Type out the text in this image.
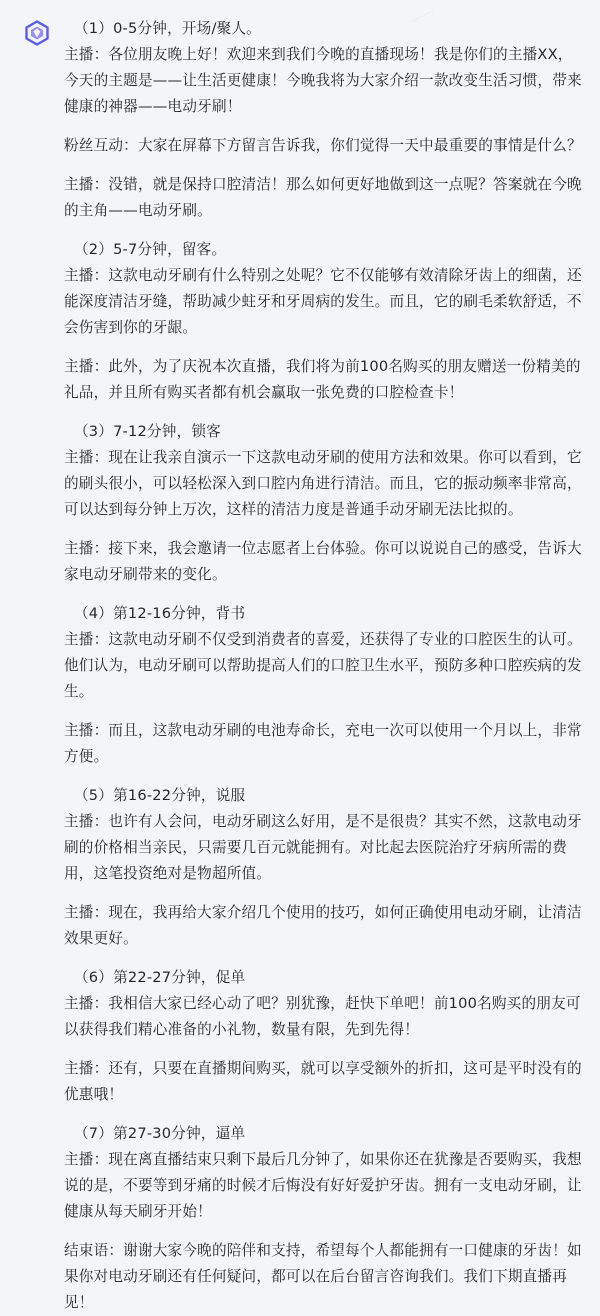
（1）0-5分钟，开场/聚人。
主播：各位朋友晚上好！欢迎来到我们今晚的直播现场！我是你们的主播XX，今天的主题是——让生活更健康！今晚我将为大家介绍一款改变生活习惯，带来健康的神器——电动牙刷！
粉丝互动：大家在屏幕下方留言告诉我，你们觉得一天中最重要的事情是什么？
主播：没错，就是保持口腔清洁！那么如何更好地做到这一点呢？答案就在今晚的主角——电动牙刷。
（2）5-7分钟，留客。
主播：这款电动牙刷有什么特别之处呢？它不仅能够有效清除牙齿上的细菌，还能深度清洁牙缝，帮助减少蛀牙和牙周病的发生。而且，它的刷毛柔软舒适，不会伤害到你的牙龈。
主播：此外，为了庆祝本次直播，我们将为前100名购买的朋友赠送一份精美的礼品，并且所有购买者都有机会赢取一张免费的口腔检查卡！
（3）7-12分钟，锁客
主播：现在让我亲自演示一下这款电动牙刷的使用方法和效果。你可以看到，它的刷头很小，可以轻松深入到口腔内角进行清洁。而且，它的振动频率非常高，可以达到每分钟上万次，这样的清洁力度是普通手动牙刷无法比拟的。
主播：接下来，我会邀请一位志愿者上台体验。你可以说说自己的感受，告诉大家电动牙刷带来的变化。
（4）第12-16分钟，背书
主播：这款电动牙刷不仅受到消费者的喜爱，还获得了专业的口腔医生的认可。他们认为，电动牙刷可以帮助提高人们的口腔卫生水平，预防多种口腔疾病的发生。
主播：而且，这款电动牙刷的电池寿命长，充电一次可以使用一个月以上，非常方便。
（5）第16-22分钟，说服
主播：也许有人会问，电动牙刷这么好用，是不是很贵？其实不然，这款电动牙刷的价格相当亲民，只需要几百元就能拥有。对比起去医院治疗牙病所需的费用，这笔投资绝对是物超所值。
主播：现在，我再给大家介绍几个使用的技巧，如何正确使用电动牙刷，让清洁效果更好。
（6）第22-27分钟，促单
主播：我相信大家已经心动了吧？别犹豫，赶快下单吧！前100名购买的朋友可以获得我们精心准备的小礼物，数量有限，先到先得！
主播：还有，只要在直播期间购买，就可以享受额外的折扣，这可是平时没有的优惠哦！
（7）第27-30分钟，逼单
主播：现在离直播结束只剩下最后几分钟了，如果你还在犹豫是否要购买，我想说的是，不要等到牙痛的时候才后悔没有好好爱护牙齿。拥有一支电动牙刷，让健康从每天刷牙开始！
结束语：谢谢大家今晚的陪伴和支持，希望每个人都能拥有一口健康的牙齿！如果你对电动牙刷还有任何疑问，都可以在后台留言咨询我们。我们下期直播再见！
·········
